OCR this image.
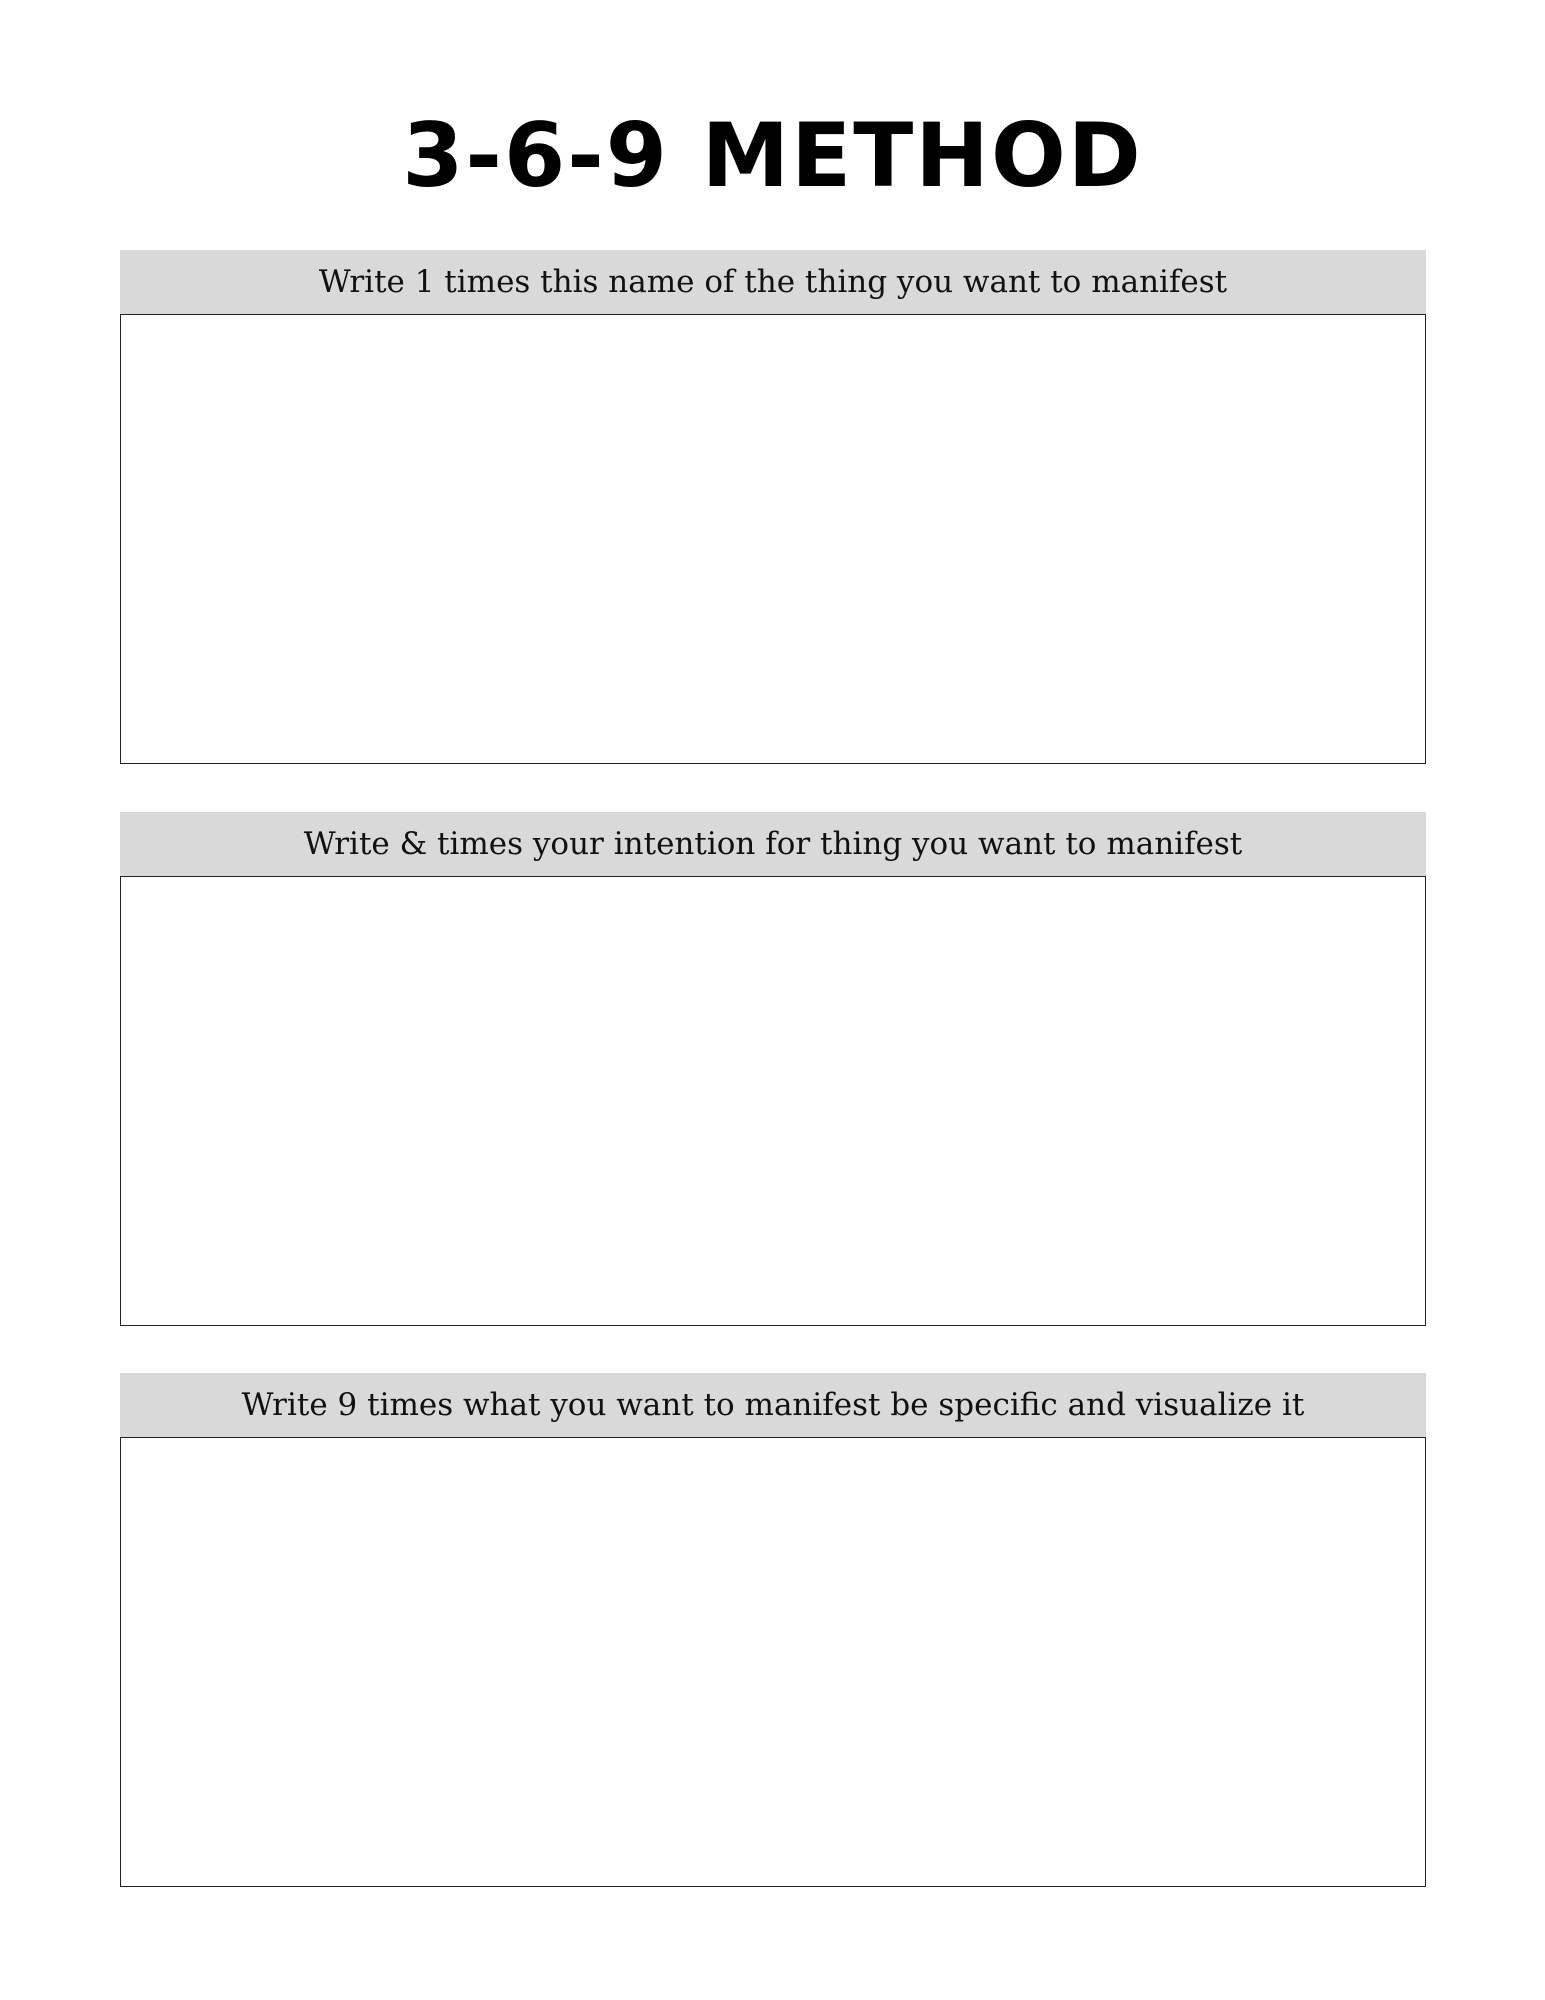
3-6-9 METHOD
Write 1 times this name of the thing you want to manifest
Write & times your intention for thing you want to manifest
Write 9 times what you want to manifest be specific and visualize it
